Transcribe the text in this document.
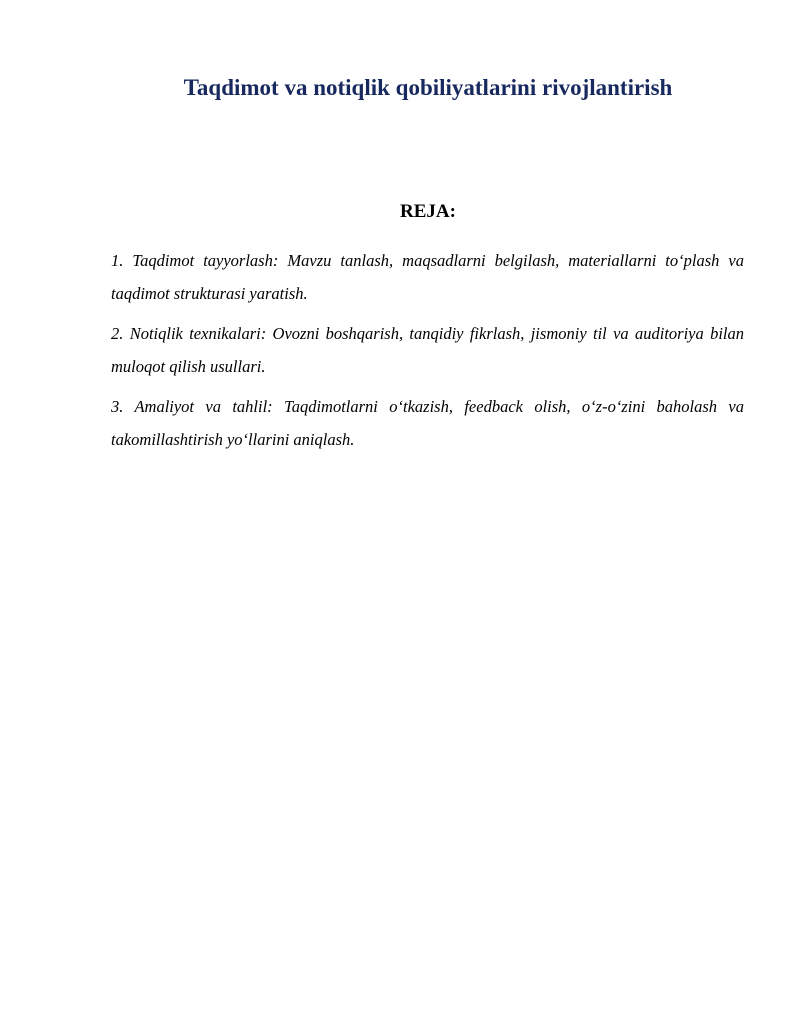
Taqdimot va notiqlik qobiliyatlarini rivojlantirish
REJA:
1. Taqdimot tayyorlash: Mavzu tanlash, maqsadlarni belgilash, materiallarni to‘plash va taqdimot strukturasi yaratish.
2. Notiqlik texnikalari: Ovozni boshqarish, tanqidiy fikrlash, jismoniy til va auditoriya bilan muloqot qilish usullari.
3. Amaliyot va tahlil: Taqdimotlarni o‘tkazish, feedback olish, o‘z-o‘zini baholash va takomillashtirish yo‘llarini aniqlash.
